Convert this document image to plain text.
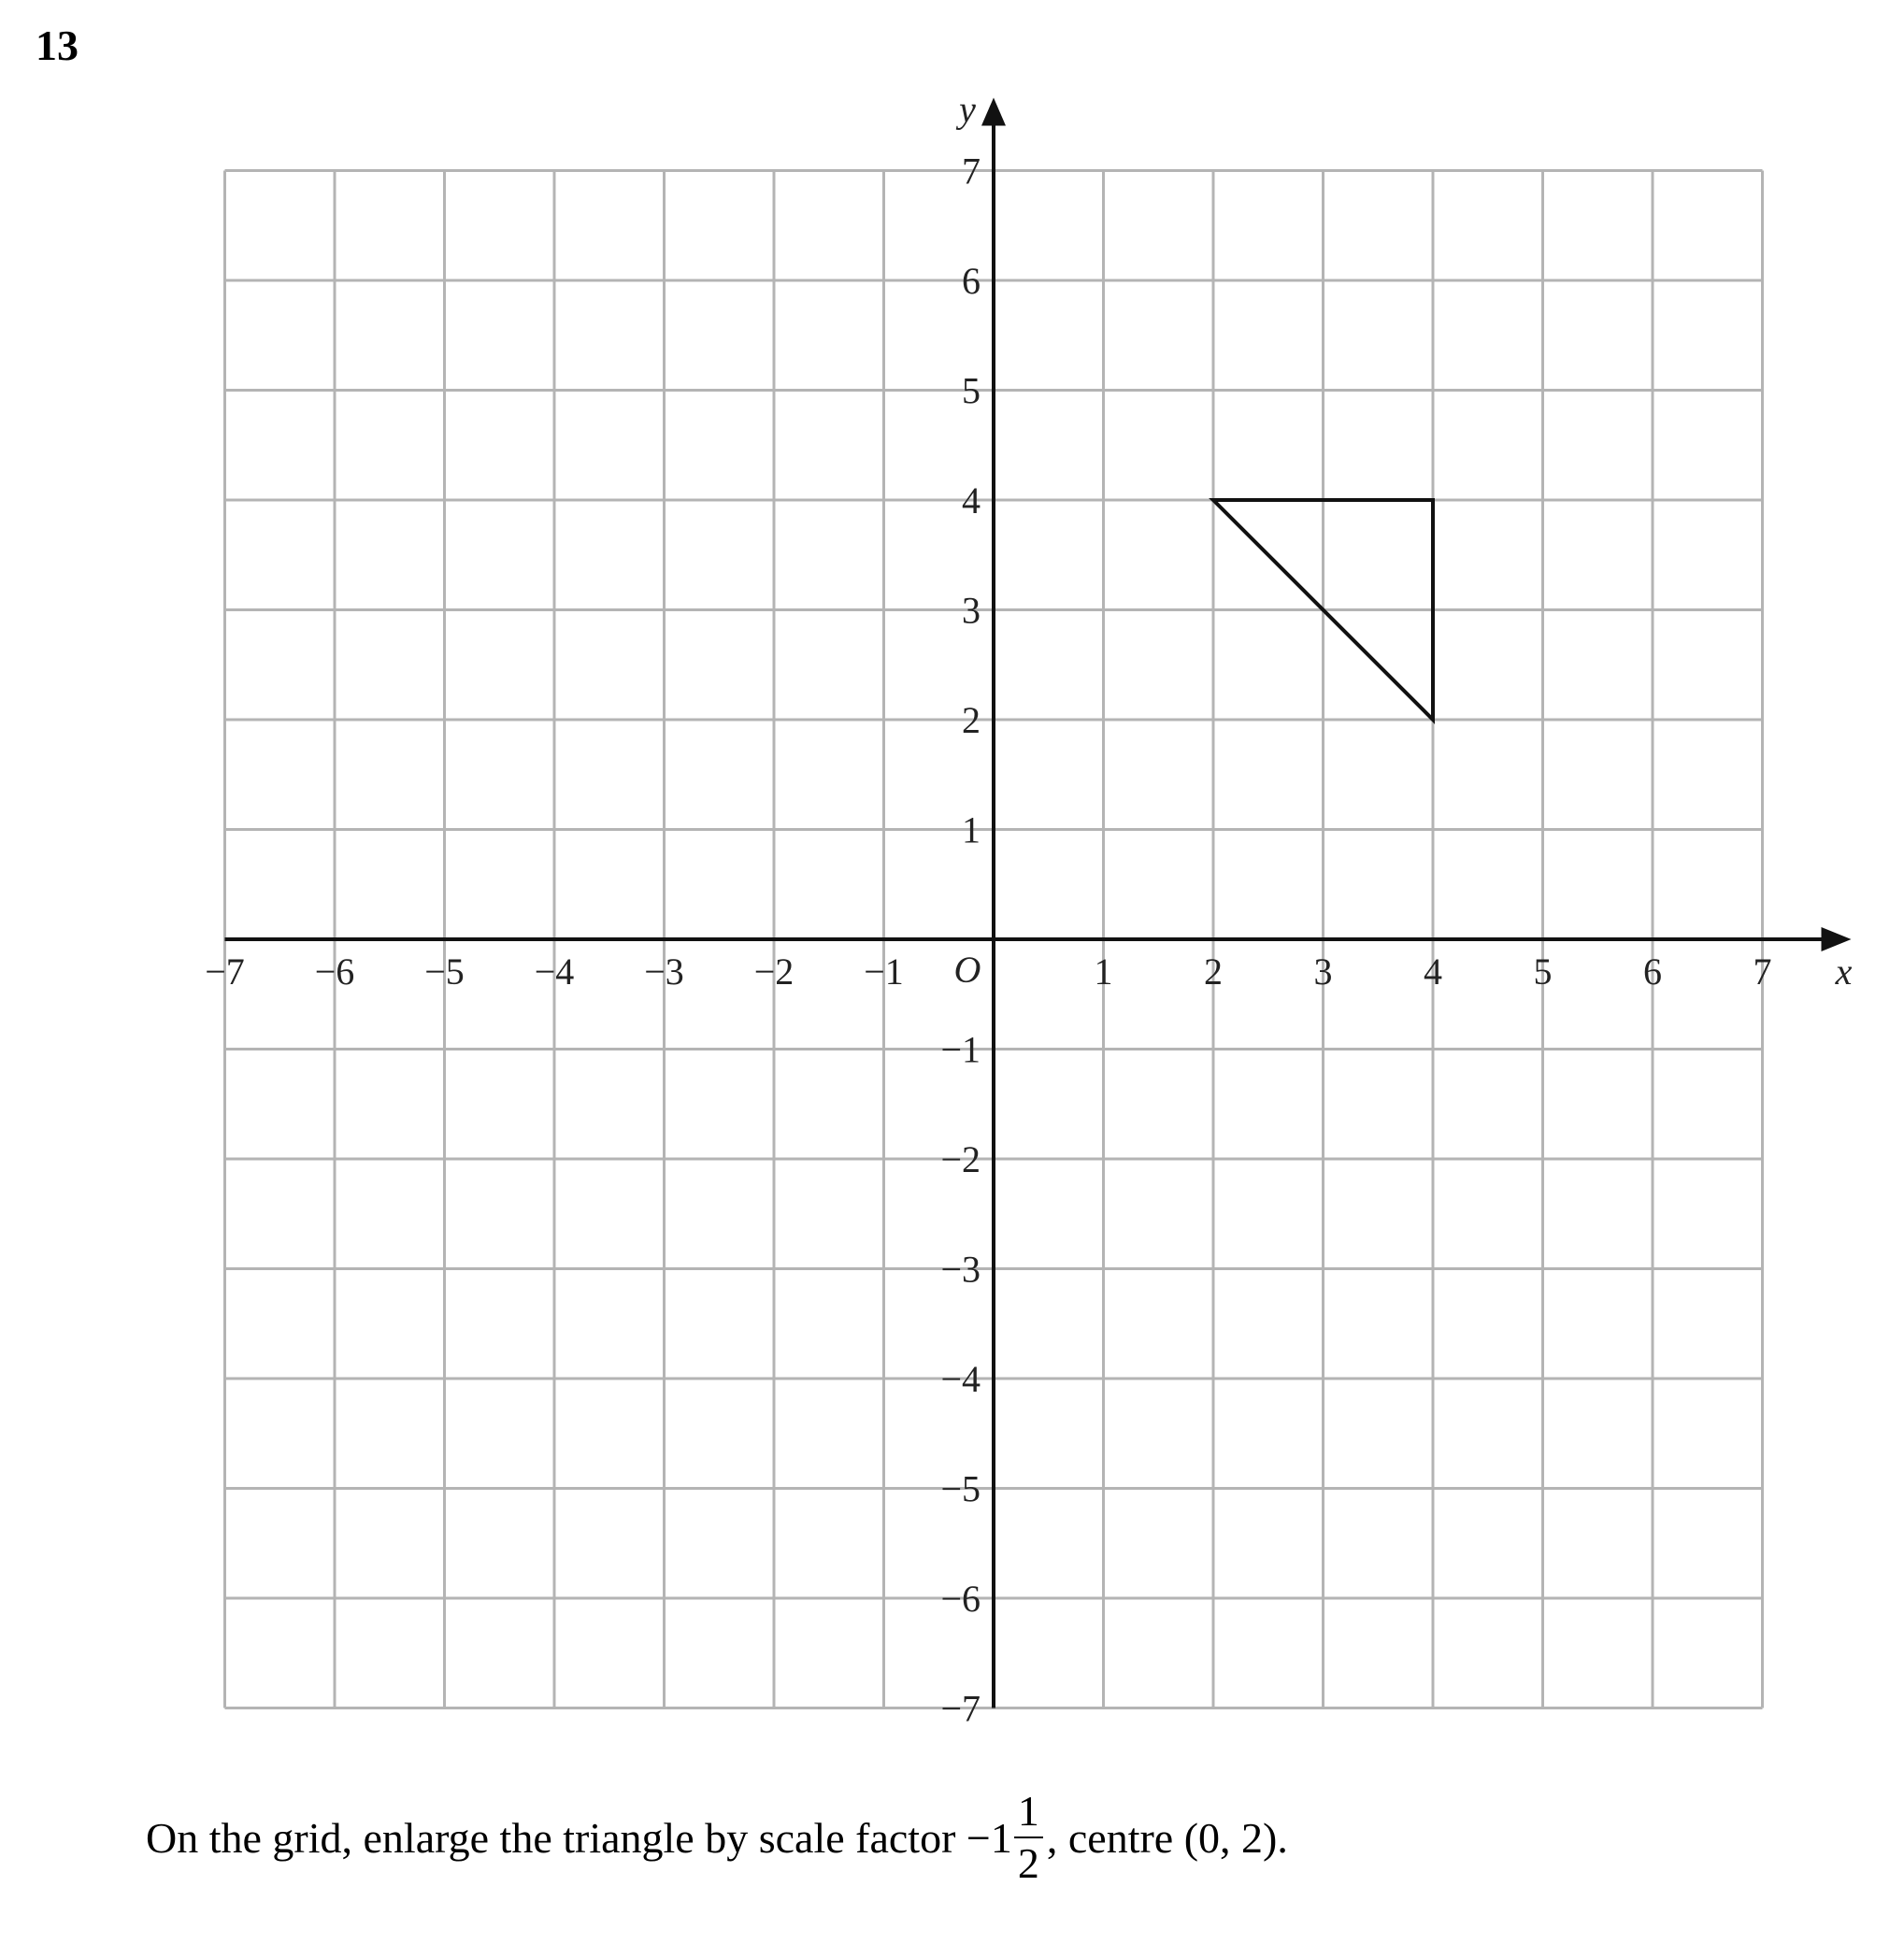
13
−7 −6 −5 −4 −3 −2 −1	1 2 3 4 5 6 7
7
6
5
4
3
2
1
−1
−2
−3
−4
−5
−6
−7
O	x
y
On the grid, enlarge the triangle by scale factor $-1 \frac{1}{2}$ , centre (0, 2).
